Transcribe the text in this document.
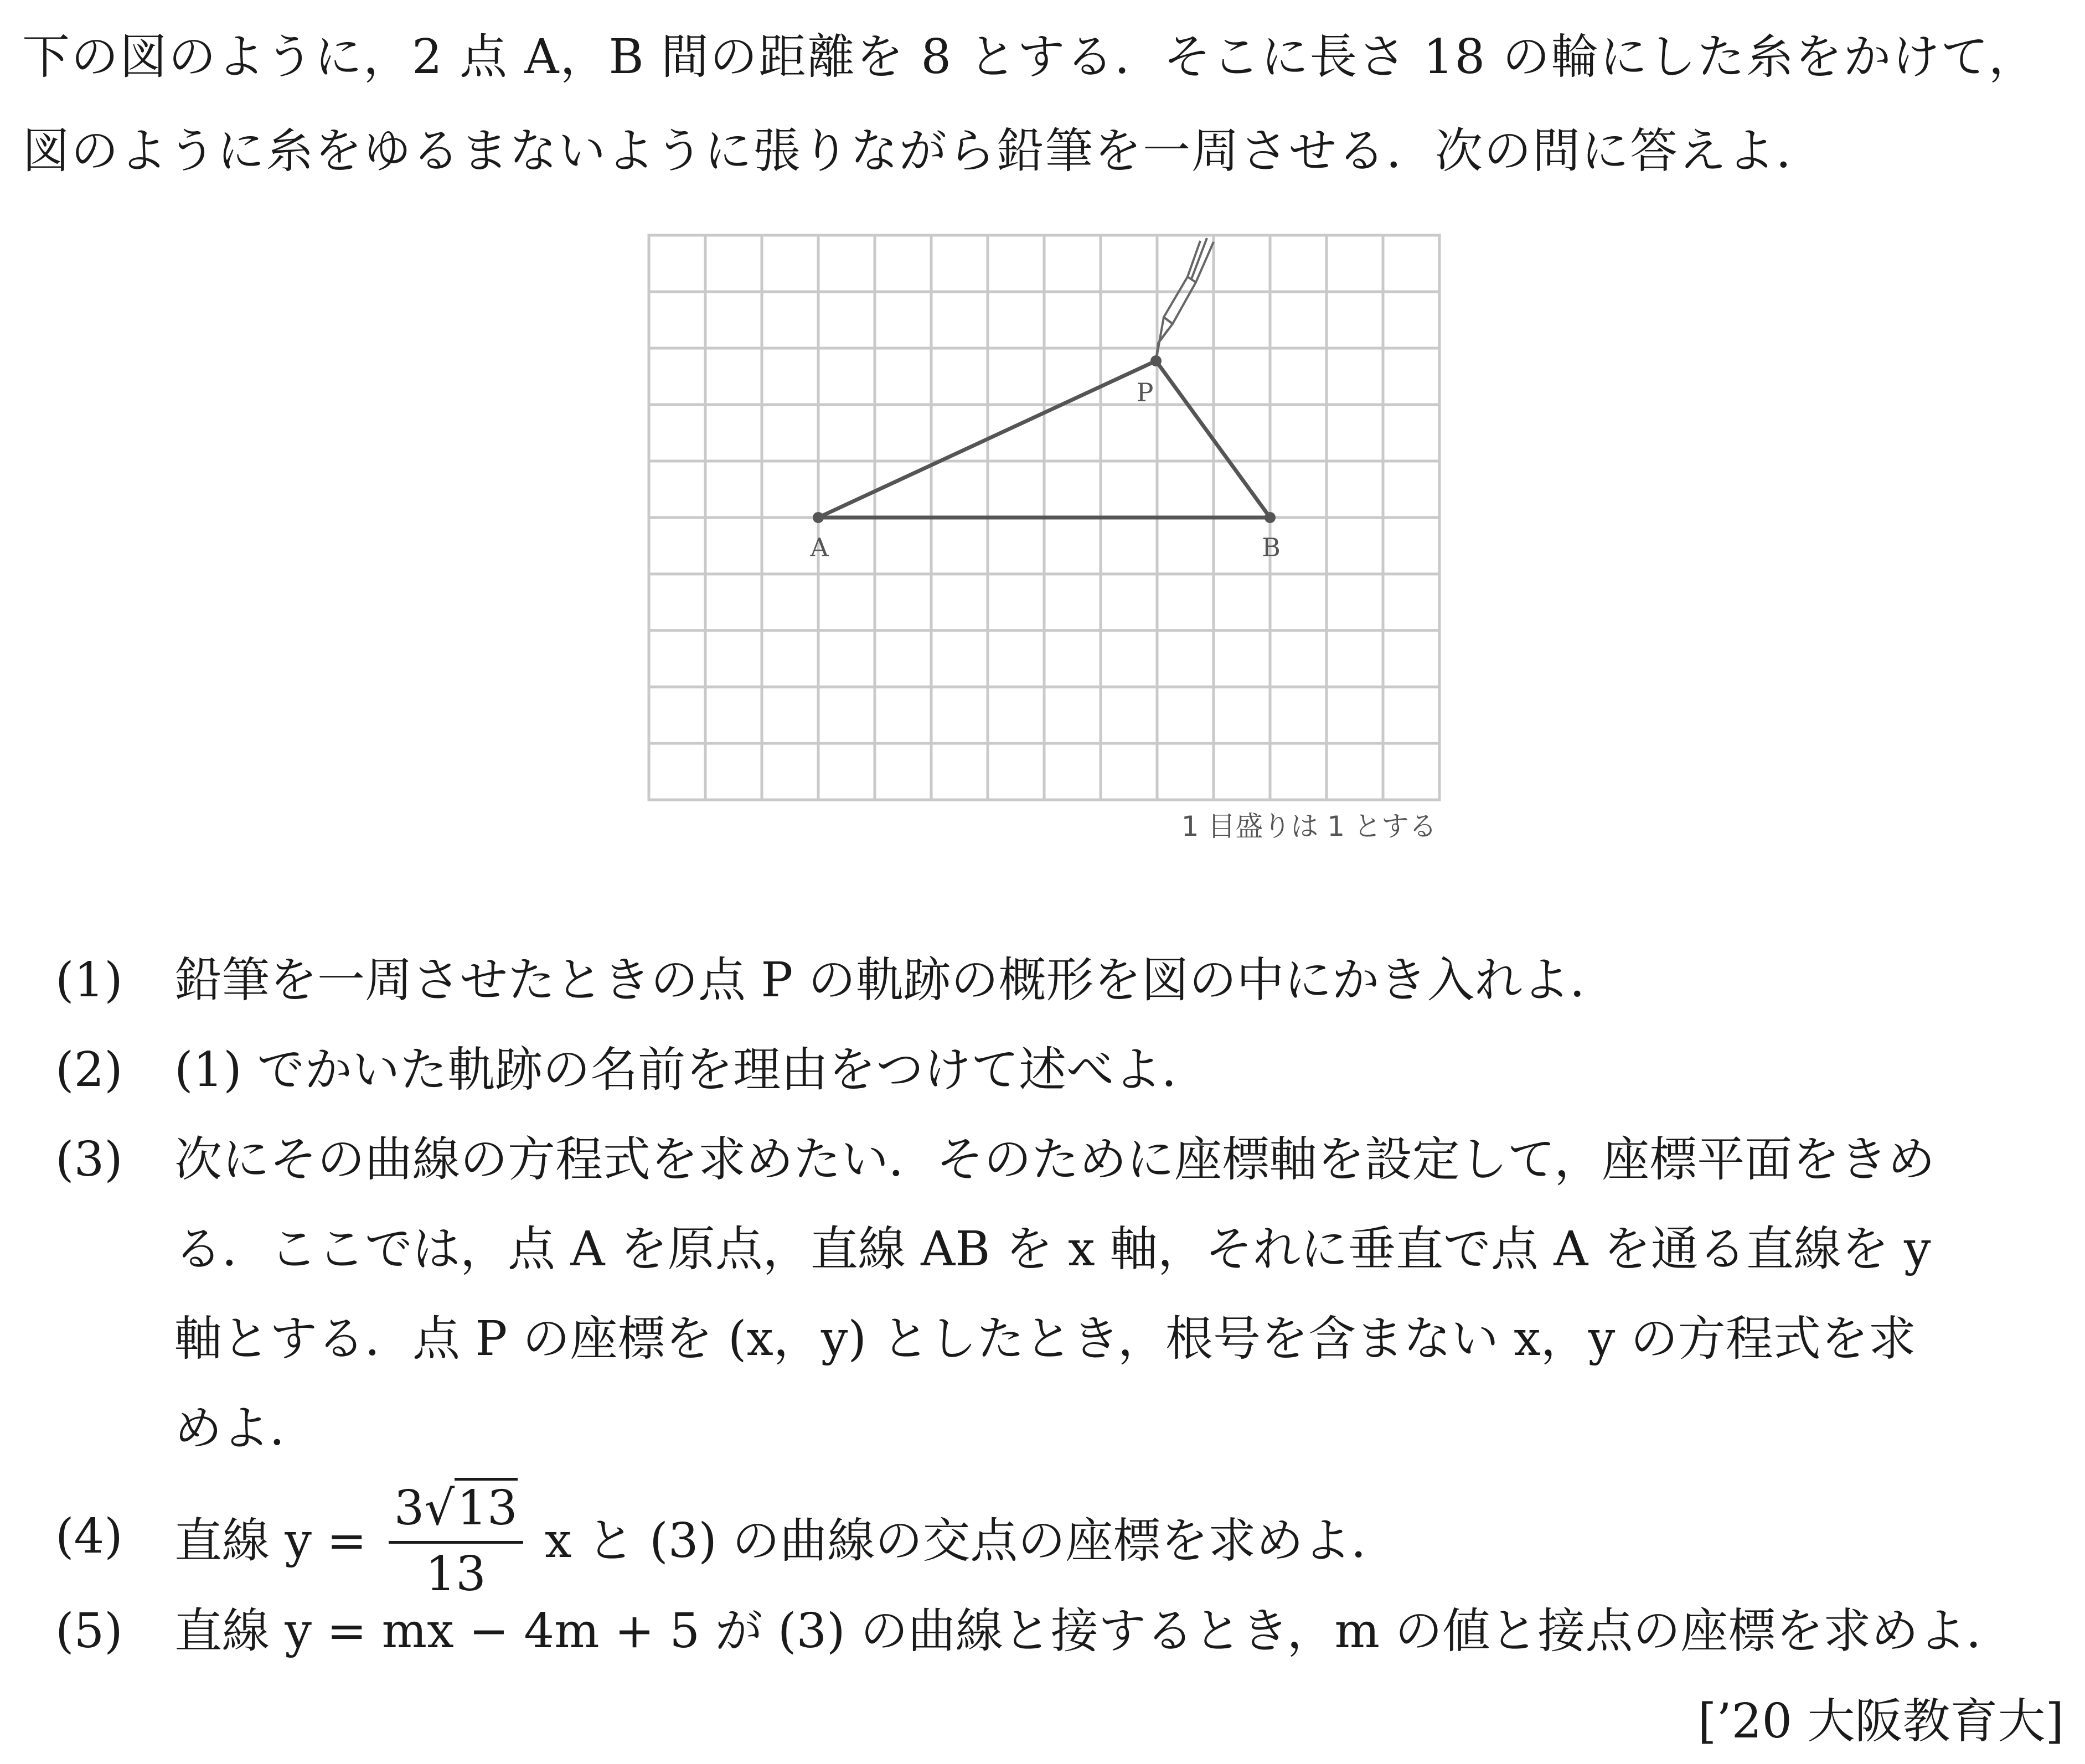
下の図のように，2 点 A，B 間の距離を 8 とする．そこに長さ 18 の輪にした糸をかけて，

図のように糸をゆるまないように張りながら鉛筆を一周させる．次の問に答えよ．

A	B
P
1 目盛りは 1 とする
(1) 鉛筆を一周させたときの点 P の軌跡の概形を図の中にかき入れよ．
(2) (1) でかいた軌跡の名前を理由をつけて述べよ．
(3) 次にその曲線の方程式を求めたい．そのために座標軸を設定して，座標平面をきめ
る．ここでは，点 A を原点，直線 AB を x 軸，それに垂直で点 A を通る直線を y
軸とする．点 P の座標を (x，y) としたとき，根号を含まない x，y の方程式を求
めよ．
(4) 直線 $y = \frac{3√13}{13}$ x と (3) の曲線の交点の座標を求めよ．
(5) 直線 y = mx − 4m + 5 が (3) の曲線と接するとき，m の値と接点の座標を求めよ．
[’20 大阪教育大]
